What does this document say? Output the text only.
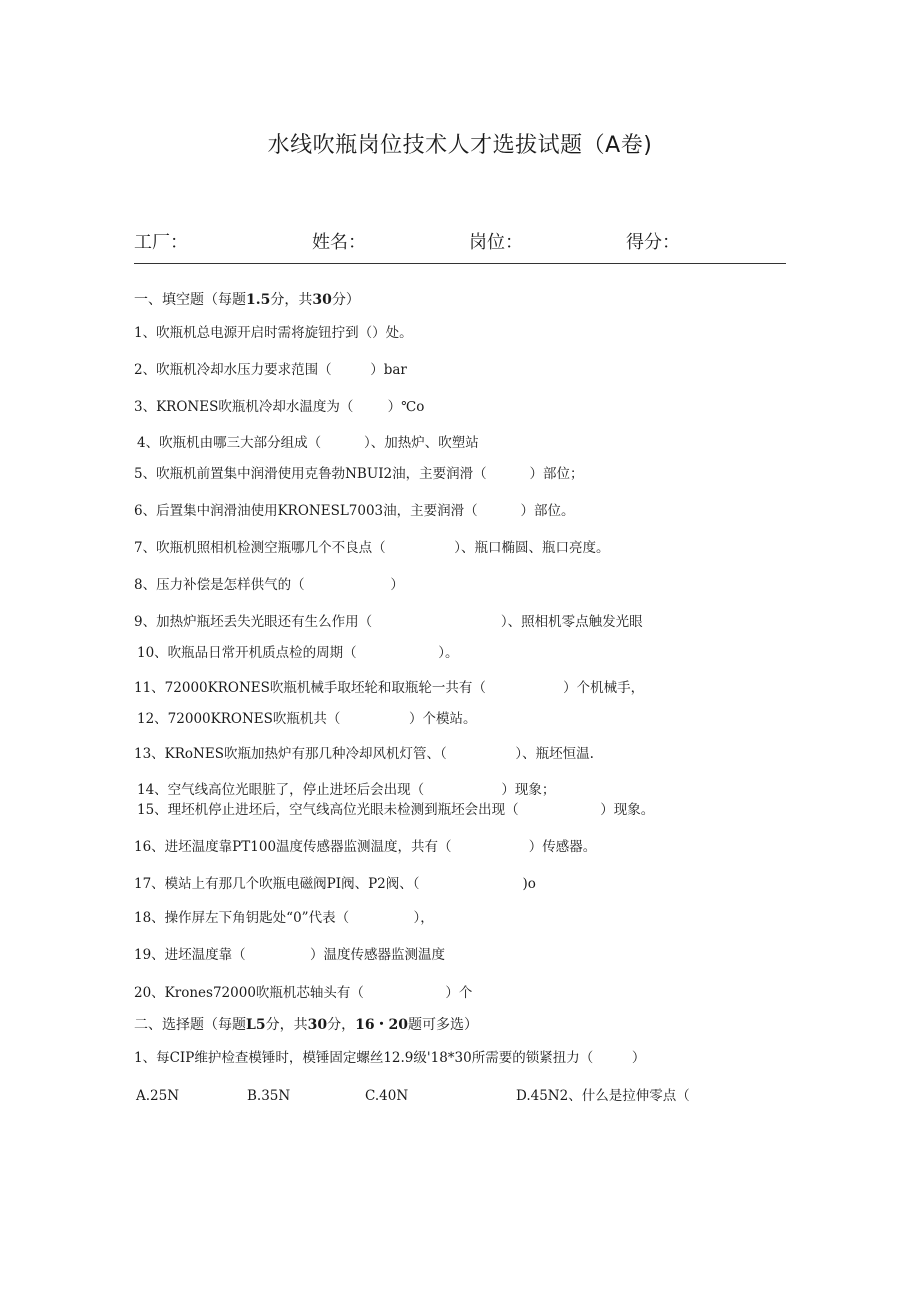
水线吹瓶岗位技术人才选拔试题（A卷)
工厂：	姓名：	岗位：	得分：
一、填空题（每题1.5分，共30分）
1、吹瓶机总电源开启时需将旋钮拧到（）处。
2、吹瓶机冷却水压力要求范围（         ）bar
3、KRONES吹瓶机冷却水温度为（        ）℃o
4、吹瓶机由哪三大部分组成（          ）、加热炉、吹塑站
5、吹瓶机前置集中润滑使用克鲁勃NBUI2油，主要润滑（          ）部位；
6、后置集中润滑油使用KRONESL7003油，主要润滑（          ）部位。
7、吹瓶机照相机检测空瓶哪几个不良点（                ）、瓶口椭圆、瓶口亮度。
8、压力补偿是怎样供气的（                    ）
9、加热炉瓶坯丢失光眼还有生么作用（                              ）、照相机零点触发光眼
10、吹瓶品日常开机质点检的周期（                   ）。
11、72000KRONES吹瓶机械手取坯轮和取瓶轮一共有（                  ）个机械手，
12、72000KRONES吹瓶机共（                ）个模站。
13、KRoNES吹瓶加热炉有那几种冷却风机灯管、（                ）、瓶坯恒温.
14、空气线高位光眼脏了，停止进坯后会出现（                  ）现象；
15、理坯机停止进坯后，空气线高位光眼未检测到瓶坯会出现（                   ）现象。
16、进坯温度靠PT100温度传感器监测温度，共有（                  ）传感器。
17、模站上有那几个吹瓶电磁阀PI阀、P2阀、（                        )o
18、操作屏左下角钥匙处“0”代表（               ），
19、进坯温度靠（               ）温度传感器监测温度
20、Krones72000吹瓶机芯轴头有（                   ）个
二、选择题（每题L5分，共30分，16・20题可多选）
1、每CIP维护检查模锤时，模锤固定螺丝12.9级'18*30所需要的锁紧扭力（         ）
A.25N	B.35N	C.40N	D.45N2、什么是拉伸零点（
